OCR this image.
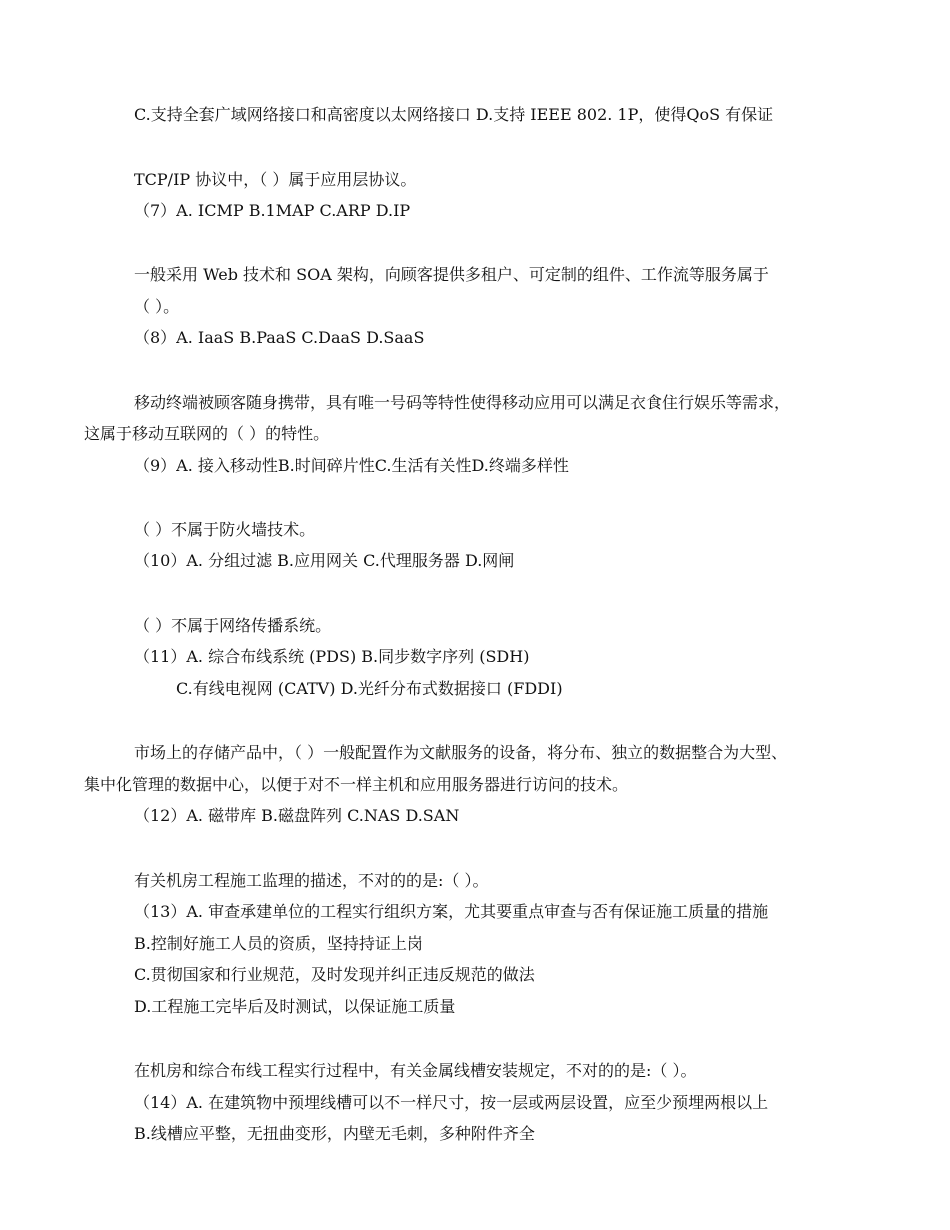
C.支持全套广域网络接口和高密度以太网络接口 D.支持 IEEE 802. 1P，使得QoS 有保证
TCP/IP 协议中，（ ）属于应用层协议。
（7）A. ICMP B.1MAP C.ARP D.IP
一般采用 Web 技术和 SOA 架构，向顾客提供多租户、可定制的组件、工作流等服务属于
（ ）。
（8）A. IaaS B.PaaS C.DaaS D.SaaS
移动终端被顾客随身携带，具有唯一号码等特性使得移动应用可以满足衣食住行娱乐等需求，
这属于移动互联网的（ ）的特性。
（9）A. 接入移动性B.时间碎片性C.生活有关性D.终端多样性
（ ）不属于防火墙技术。
（10）A. 分组过滤 B.应用网关 C.代理服务器 D.网闸
（ ）不属于网络传播系统。
（11）A. 综合布线系统 (PDS) B.同步数字序列 (SDH)
C.有线电视网 (CATV) D.光纤分布式数据接口 (FDDI)
市场上的存储产品中，（ ）一般配置作为文献服务的设备，将分布、独立的数据整合为大型、
集中化管理的数据中心，以便于对不一样主机和应用服务器进行访问的技术。
（12）A. 磁带库 B.磁盘阵列 C.NAS D.SAN
有关机房工程施工监理的描述，不对的的是:（ ）。
（13）A. 审查承建单位的工程实行组织方案，尤其要重点审查与否有保证施工质量的措施
B.控制好施工人员的资质，坚持持证上岗
C.贯彻国家和行业规范，及时发现并纠正违反规范的做法
D.工程施工完毕后及时测试，以保证施工质量
在机房和综合布线工程实行过程中，有关金属线槽安装规定，不对的的是:（ ）。
（14）A. 在建筑物中预埋线槽可以不一样尺寸，按一层或两层设置，应至少预埋两根以上
B.线槽应平整，无扭曲变形，内壁无毛刺，多种附件齐全
